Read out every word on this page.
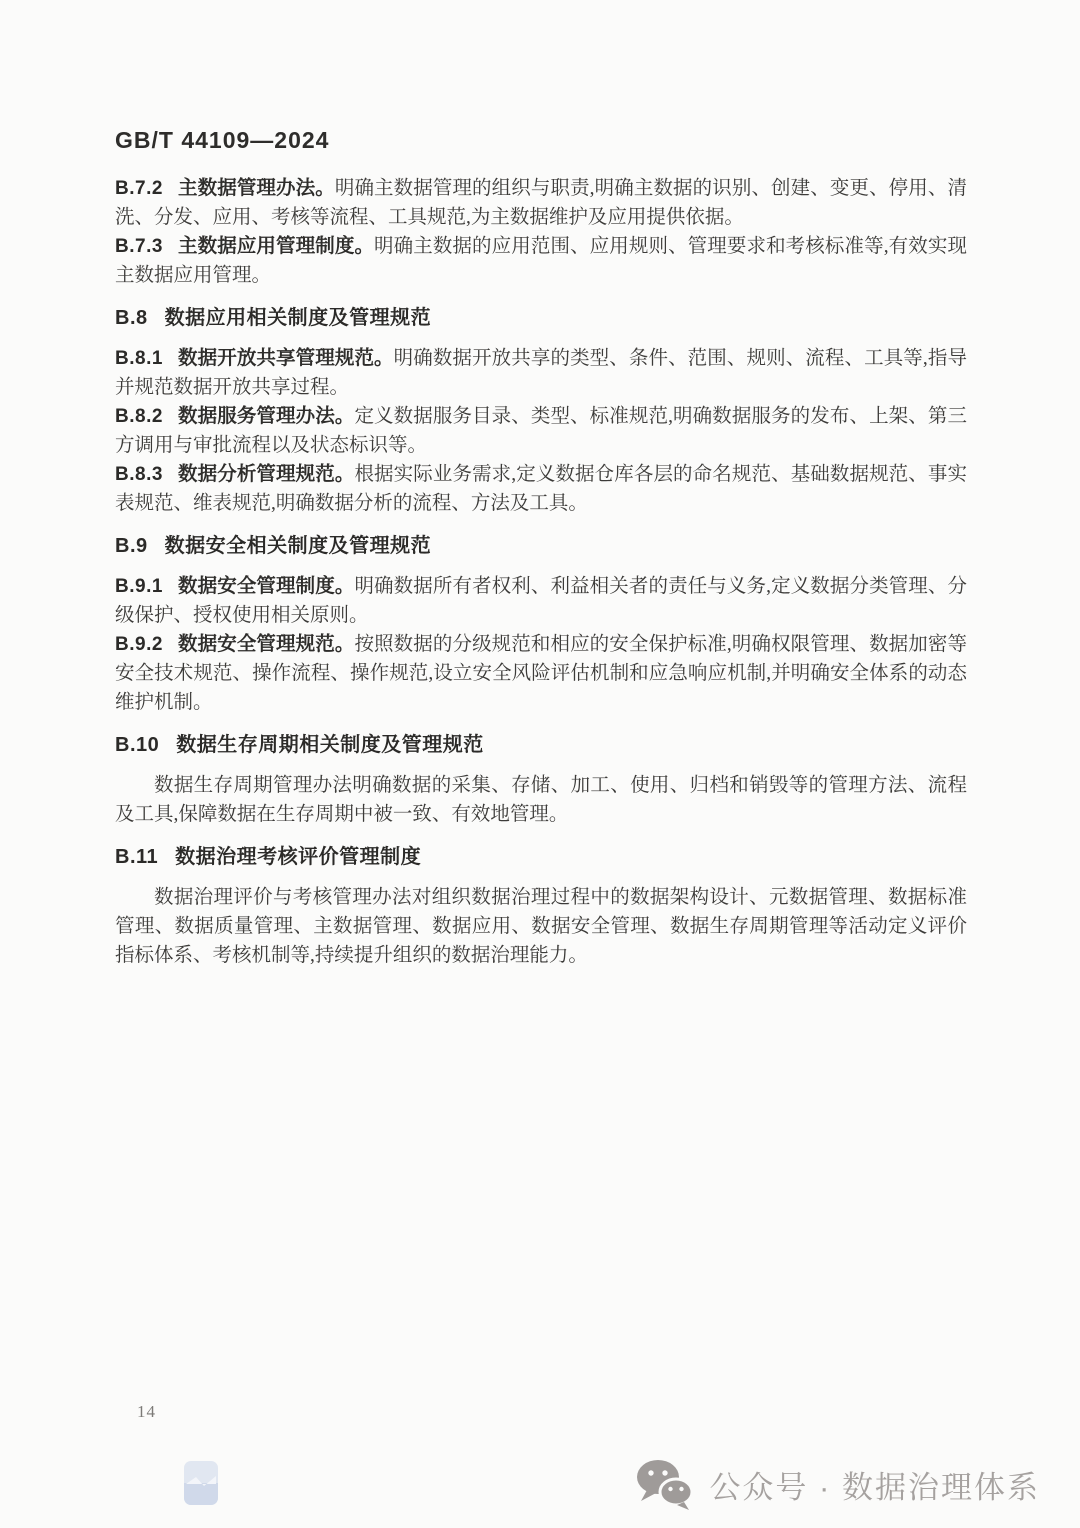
GB/T 44109—2024

B.7.2 主数据管理办法。明确主数据管理的组织与职责,明确主数据的识别、创建、变更、停用、清洗、分发、应用、考核等流程、工具规范,为主数据维护及应用提供依据。

B.7.3 主数据应用管理制度。明确主数据的应用范围、应用规则、管理要求和考核标准等,有效实现主数据应用管理。

B.8 数据应用相关制度及管理规范

B.8.1 数据开放共享管理规范。明确数据开放共享的类型、条件、范围、规则、流程、工具等,指导并规范数据开放共享过程。

B.8.2 数据服务管理办法。定义数据服务目录、类型、标准规范,明确数据服务的发布、上架、第三方调用与审批流程以及状态标识等。

B.8.3 数据分析管理规范。根据实际业务需求,定义数据仓库各层的命名规范、基础数据规范、事实表规范、维表规范,明确数据分析的流程、方法及工具。

B.9 数据安全相关制度及管理规范

B.9.1 数据安全管理制度。明确数据所有者权利、利益相关者的责任与义务,定义数据分类管理、分级保护、授权使用相关原则。

B.9.2 数据安全管理规范。按照数据的分级规范和相应的安全保护标准,明确权限管理、数据加密等安全技术规范、操作流程、操作规范,设立安全风险评估机制和应急响应机制,并明确安全体系的动态维护机制。

B.10 数据生存周期相关制度及管理规范

数据生存周期管理办法明确数据的采集、存储、加工、使用、归档和销毁等的管理方法、流程及工具,保障数据在生存周期中被一致、有效地管理。

B.11 数据治理考核评价管理制度

数据治理评价与考核管理办法对组织数据治理过程中的数据架构设计、元数据管理、数据标准管理、数据质量管理、主数据管理、数据应用、数据安全管理、数据生存周期管理等活动定义评价指标体系、考核机制等,持续提升组织的数据治理能力。

14
公众号 · 数据治理体系
